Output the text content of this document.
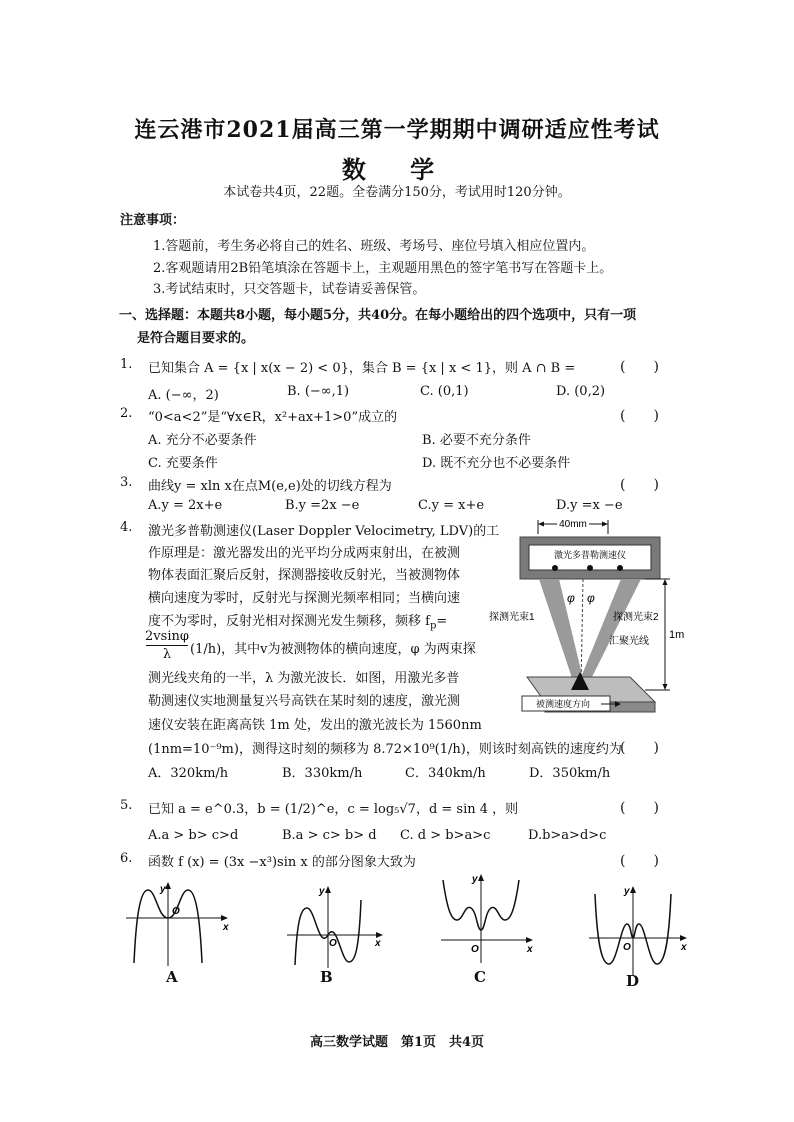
连云港市2021届高三第一学期期中调研适应性考试
数 学
本试卷共4页，22题。全卷满分150分，考试用时120分钟。
注意事项：
1.答题前，考生务必将自己的姓名、班级、考场号、座位号填入相应位置内。
2.客观题请用2B铅笔填涂在答题卡上，主观题用黑色的签字笔书写在答题卡上。
3.考试结束时，只交答题卡，试卷请妥善保管。
一、选择题：本题共8小题，每小题5分，共40分。在每小题给出的四个选项中，只有一项
是符合题目要求的。
1. 已知集合 A = {x | x(x − 2) < 0}，集合 B = {x | x < 1}，则 A ∩ B =	(　　)
A. (−∞，2)	B. (−∞,1)	C. (0,1)	D. (0,2)
2. “0<a<2”是“∀x∈R，x²+ax+1>0”成立的	(　　)
A. 充分不必要条件	B. 必要不充分条件
C. 充要条件	D. 既不充分也不必要条件
3. 曲线y = xln x在点M(e,e)处的切线方程为	(　　)
A.y = 2x+e	B.y =2x −e	C.y = x+e	D.y =x −e
4. 激光多普勒测速仪(Laser Doppler Velocimetry, LDV)的工
作原理是：激光器发出的光平均分成两束射出，在被测
物体表面汇聚后反射，探测器接收反射光，当被测物体
横向速度为零时，反射光与探测光频率相同；当横向速
度不为零时，反射光相对探测光发生频移，频移 $f_p=$
2vsinφ
λ	(1/h)，其中v为被测物体的横向速度，φ 为两束探
测光线夹角的一半，λ 为激光波长．如图，用激光多普
勒测速仪实地测量复兴号高铁在某时刻的速度，激光测
速仪安装在距离高铁 1m 处，发出的激光波长为 1560nm
(1nm=10⁻⁹m)，测得这时刻的频移为 8.72×10⁹(1/h)，则该时刻高铁的速度约为
(　　)
A．320km/h	B．330km/h	C．340km/h	D．350km/h
40mm
激光多普勒测速仪
φ φ
探测光束1	探测光束2
汇聚光线
1m
被测速度方向
5. 已知 a = e^0.3，b = (1/2)^e，c = log₅√7，d = sin 4 ，则	(　　)
A.a > b> c>d	B.a > c> b> d C. d > b>a>c	D.b>a>d>c
6. 函数 f (x) = (3x −x³)sin x 的部分图象大致为	(　　)
y
x
O
A
y
x
O
B
y
x
O
C
y
x
O
D
高三数学试题　第1页　共4页
